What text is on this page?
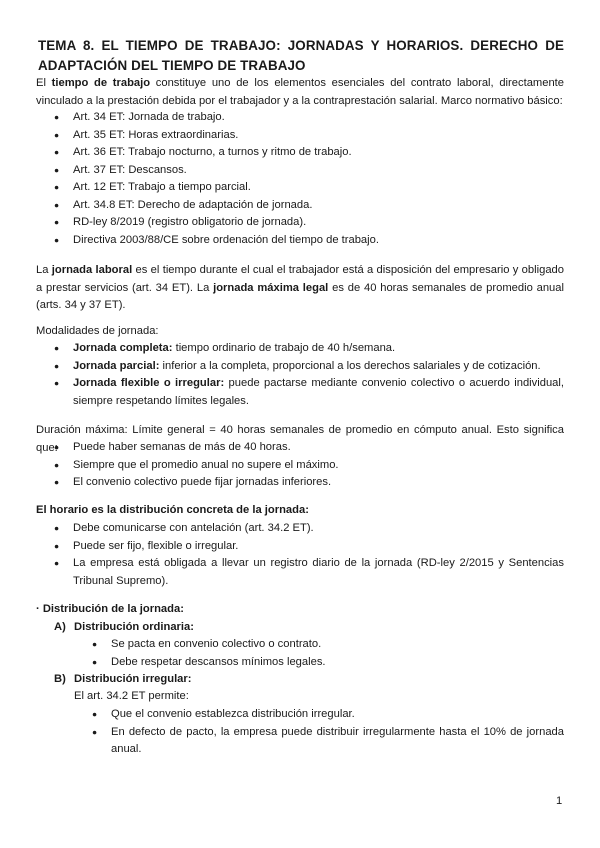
TEMA 8. EL TIEMPO DE TRABAJO: JORNADAS Y HORARIOS. DERECHO DE
ADAPTACIÓN DEL TIEMPO DE TRABAJO
El tiempo de trabajo constituye uno de los elementos esenciales del contrato laboral, directamente
vinculado a la prestación debida por el trabajador y a la contraprestación salarial. Marco normativo básico:
● Art. 34 ET: Jornada de trabajo.
● Art. 35 ET: Horas extraordinarias.
● Art. 36 ET: Trabajo nocturno, a turnos y ritmo de trabajo.
● Art. 37 ET: Descansos.
● Art. 12 ET: Trabajo a tiempo parcial.
● Art. 34.8 ET: Derecho de adaptación de jornada.
● RD-ley 8/2019 (registro obligatorio de jornada).
● Directiva 2003/88/CE sobre ordenación del tiempo de trabajo.
La jornada laboral es el tiempo durante el cual el trabajador está a disposición del empresario y obligado
a prestar servicios (art. 34 ET). La jornada máxima legal es de 40 horas semanales de promedio anual
(arts. 34 y 37 ET).
Modalidades de jornada:
● Jornada completa: tiempo ordinario de trabajo de 40 h/semana.
● Jornada parcial: inferior a la completa, proporcional a los derechos salariales y de cotización.
● Jornada flexible o irregular: puede pactarse mediante convenio colectivo o acuerdo individual,
siempre respetando límites legales.
Duración máxima: Límite general = 40 horas semanales de promedio en cómputo anual. Esto significa que:	● Puede haber semanas de más de 40 horas.
● Siempre que el promedio anual no supere el máximo.
● El convenio colectivo puede fijar jornadas inferiores.
El horario es la distribución concreta de la jornada:
● Debe comunicarse con antelación (art. 34.2 ET).
● Puede ser fijo, flexible o irregular.
● La empresa está obligada a llevar un registro diario de la jornada (RD-ley 2/2015 y Sentencias
Tribunal Supremo).
· Distribución de la jornada:
A) Distribución ordinaria:
● Se pacta en convenio colectivo o contrato.
● Debe respetar descansos mínimos legales.
B) Distribución irregular:
El art. 34.2 ET permite:
● Que el convenio establezca distribución irregular.
● En defecto de pacto, la empresa puede distribuir irregularmente hasta el 10% de jornada
anual.
1
